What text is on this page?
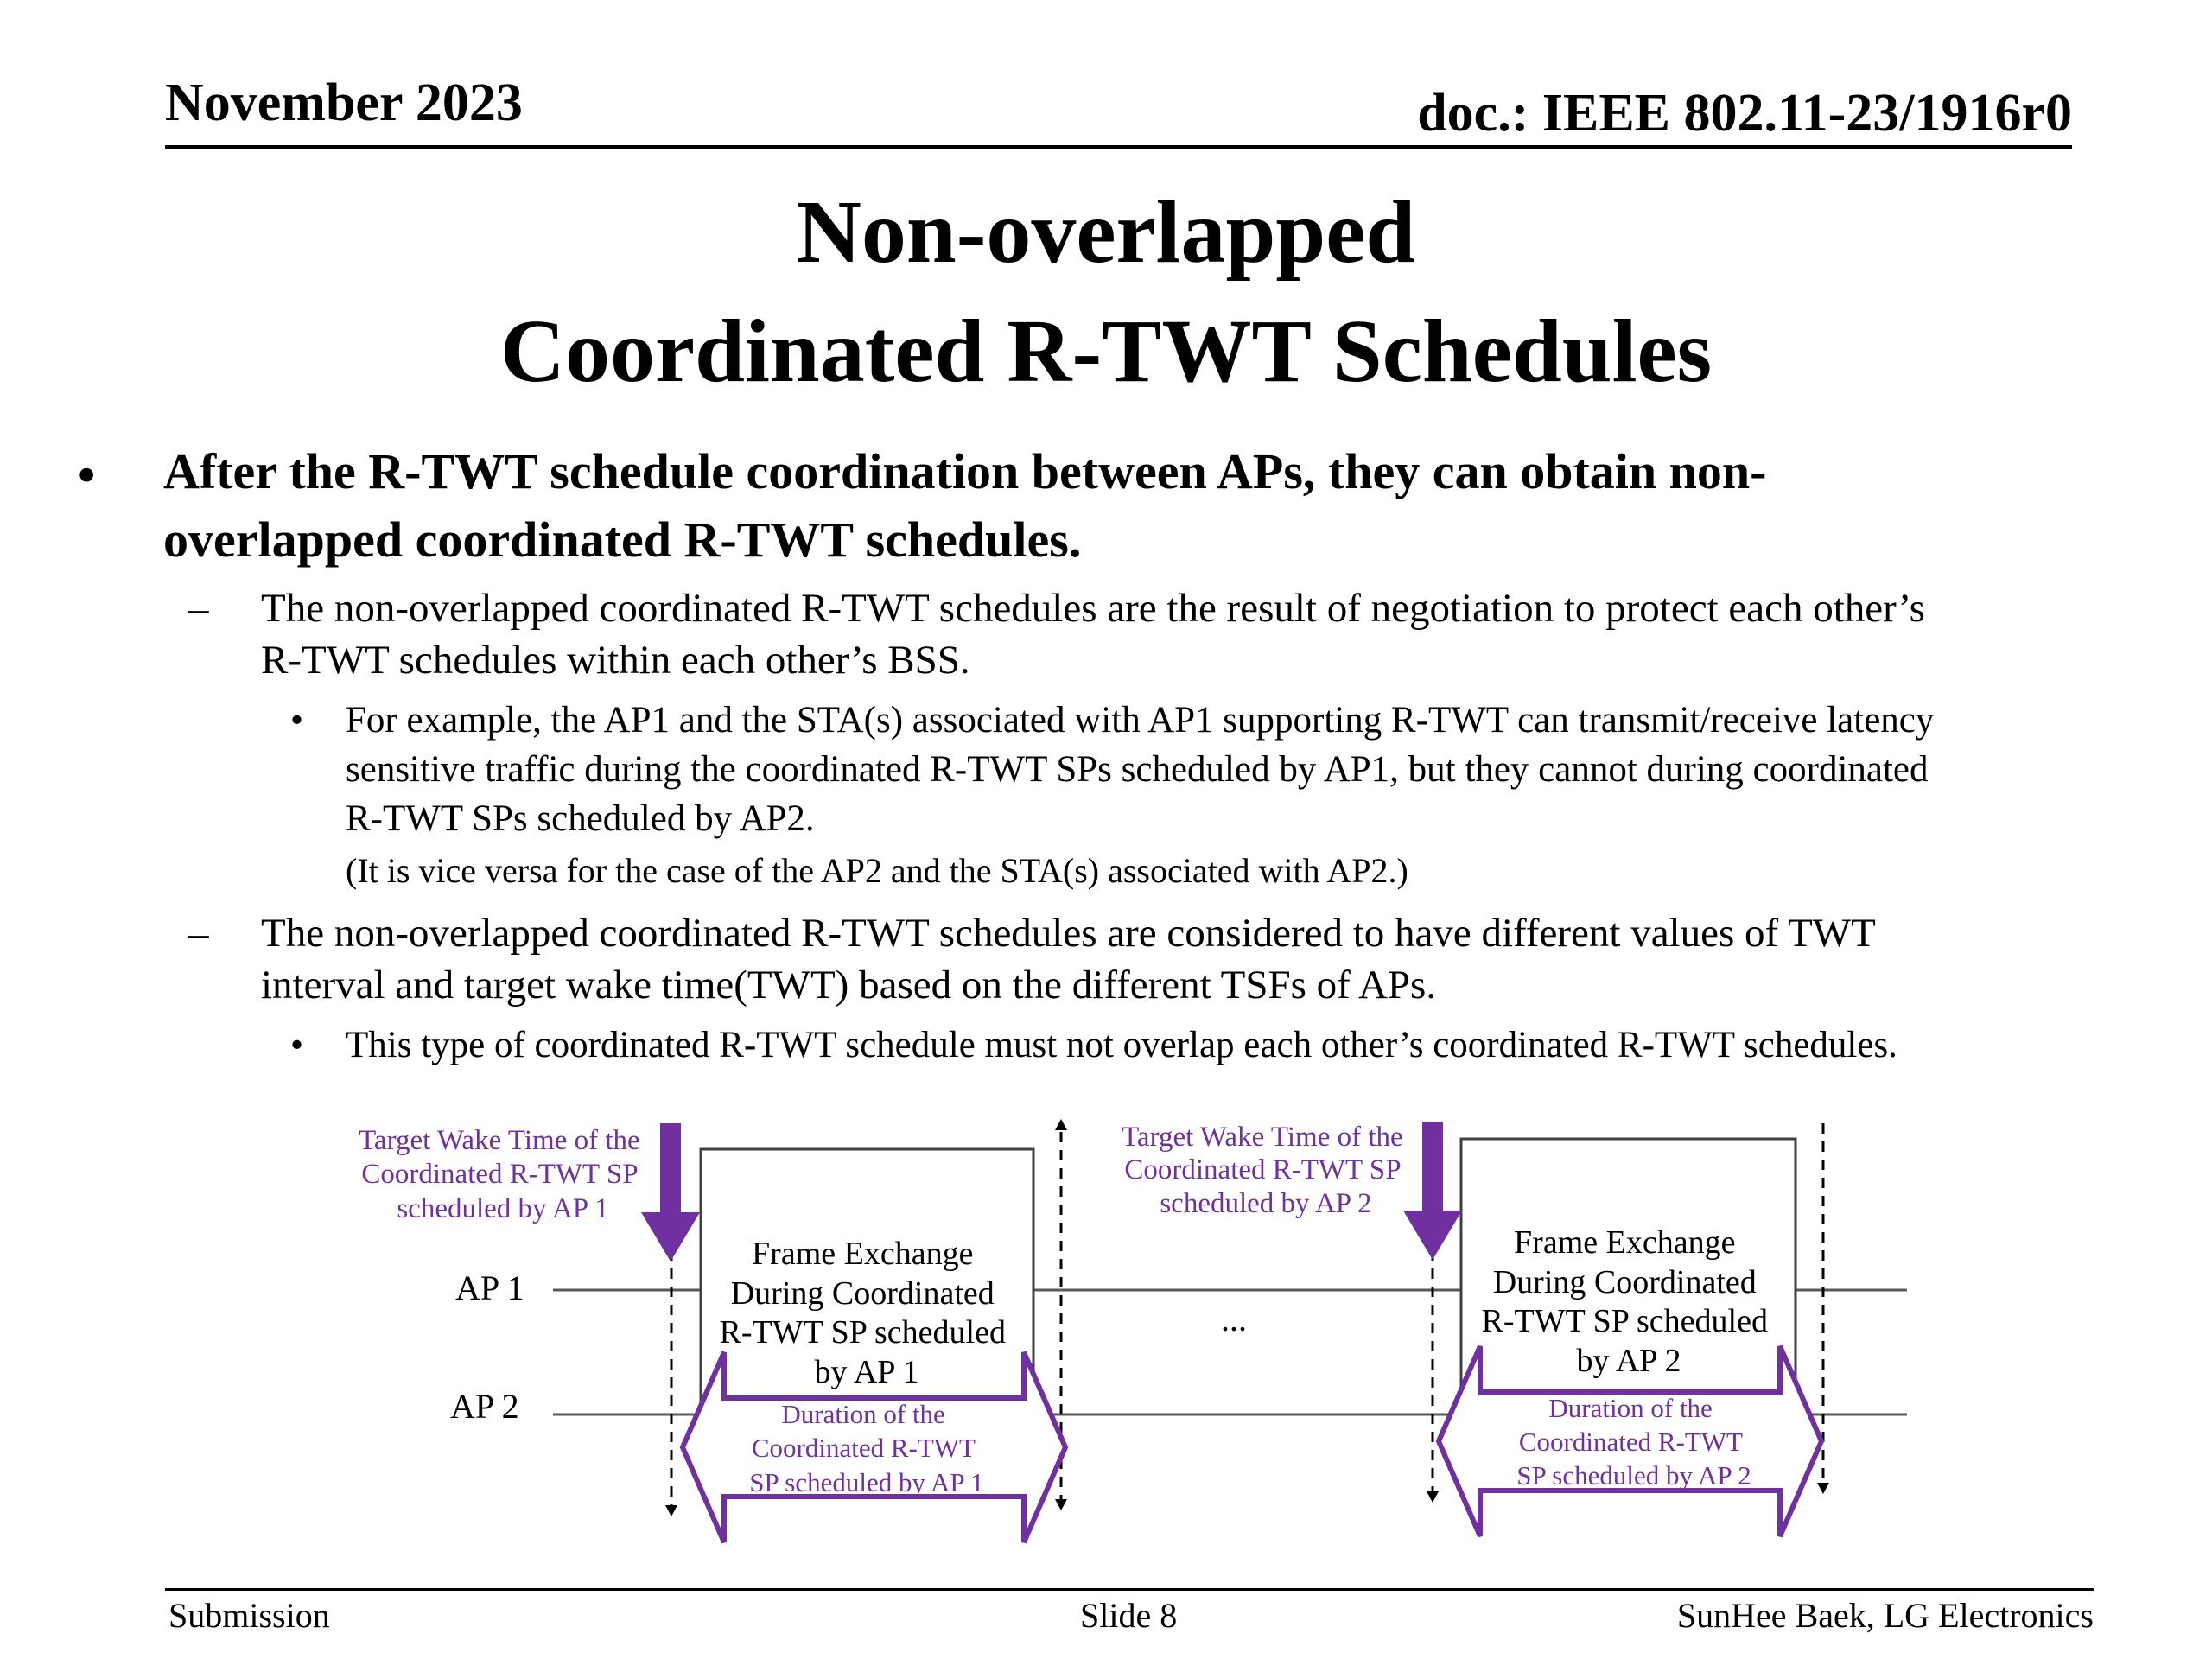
November 2023	doc.: IEEE 802.11-23/1916r0
Non-overlapped
Coordinated R-TWT Schedules
• After the R-TWT schedule coordination between APs, they can obtain non-
overlapped coordinated R-TWT schedules.
– The non-overlapped coordinated R-TWT schedules are the result of negotiation to protect each other’s
R-TWT schedules within each other’s BSS.
• For example, the AP1 and the STA(s) associated with AP1 supporting R-TWT can transmit/receive latency
sensitive traffic during the coordinated R-TWT SPs scheduled by AP1, but they cannot during coordinated
R-TWT SPs scheduled by AP2.
(It is vice versa for the case of the AP2 and the STA(s) associated with AP2.)
– The non-overlapped coordinated R-TWT schedules are considered to have different values of TWT
interval and target wake time(TWT) based on the different TSFs of APs.
• This type of coordinated R-TWT schedule must not overlap each other’s coordinated R-TWT schedules.
AP 1
AP 2
Frame Exchange During Coordinated R-TWT SP scheduled by AP 1
Frame Exchange During Coordinated R-TWT SP scheduled by AP 2
Target Wake Time of the Coordinated R-TWT SP scheduled by AP 1
Target Wake Time of the Coordinated R-TWT SP scheduled by AP 2
Duration of the Coordinated R-TWT SP scheduled by AP 1
Duration of the Coordinated R-TWT SP scheduled by AP 2
...
Submission	Slide 8	SunHee Baek, LG Electronics
